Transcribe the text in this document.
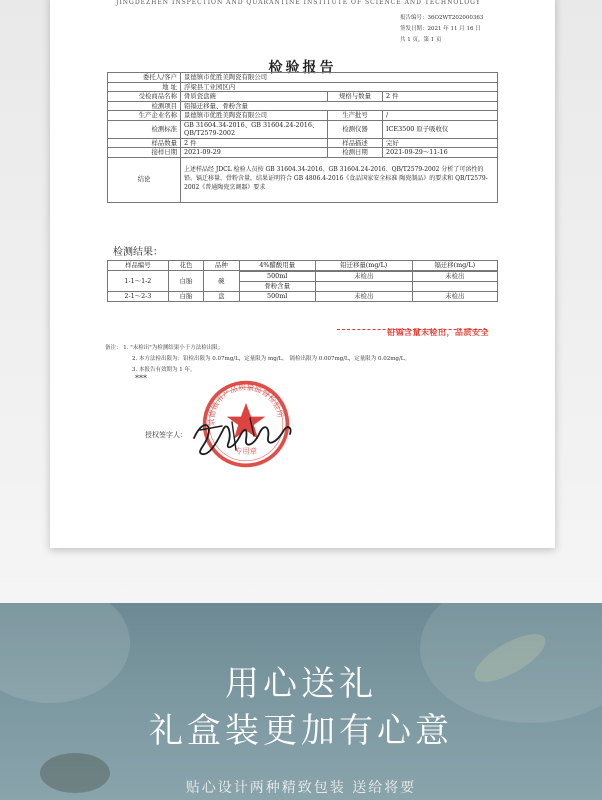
JINGDEZHEN INSPECTION AND QUARANTINE INSTITUTE OF SCIENCE AND TECHNOLOGY
报告编号：36O2WT202000363
签发日期：2021 年 11 月 16 日
共 1 页，第 1 页
检验报告
委托人/客户	景德镇市优胜美陶瓷有限公司		
地 址	浮梁县工业园区内		
受检商品名称	骨质瓷盘碗	规格与数量	2 件
检测项目	铅镉迁移量、骨粉含量		
生产企业名称	景德镇市优胜美陶瓷有限公司	生产批号	/
检测标准	GB 31604.34-2016、GB 31604.24-2016、QB/T2579-2002	检测仪器	ICE3500 原子吸收仪
样品数量	2 件	样品描述	完好
接样日期	2021-09-29	检测日期	2021-09-29～11-16
结论	上述样品经 JDCL 检验人员按 GB 31604.34-2016、GB 31604.24-2016、QB/T2579-2002 分析了可溶性的铅、镉迁移量、骨粉含量，结果证明符合 GB 4806.4-2016《食品国家安全标准 陶瓷制品》的要求和 QB/T2579-2002《普通陶瓷烹调器》要求		
检测结果：
样品编号	花色	品种	4%醋酸用量	铅迁移量(mg/L)	镉迁移(mg/L)
1-1～1-2	白胎	碗			
			500ml	未检出	未检出
			骨粉含量		
2-1～2-3	白胎	盘	500ml	未检出	未检出
铅镉含量未检出，品质安全
备注： 1. "未检出"为检测结果小于方法检出限；
2. 本方法检出限为：铅检出限为 0.07mg/L，定量限为 mg/L。 镉检出限为 0.007mg/L，定量限为 0.02mg/L。
3. 本报告有效期为 1 年。
***
授权签字人：
景德镇市产品质量监督检验所
专用章
用心送礼
礼盒装更加有心意
贴心设计两种精致包装 送给将要
